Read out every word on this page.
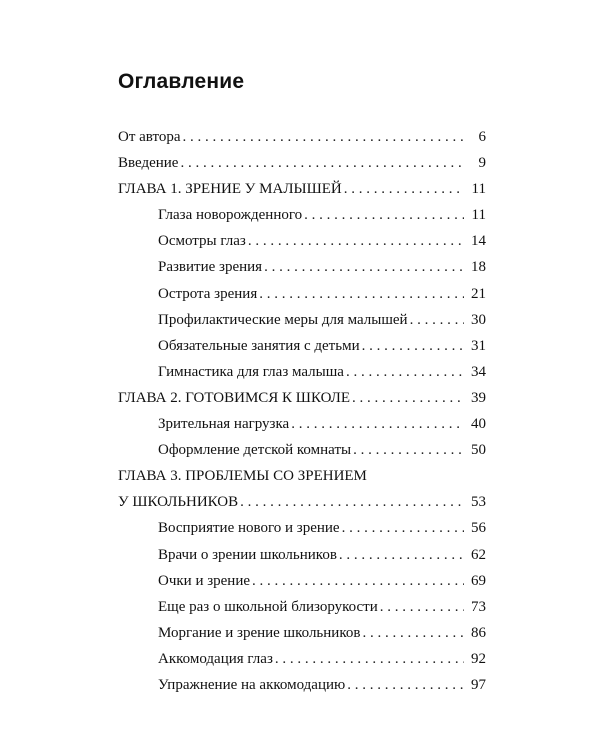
Оглавление
От автора . . .	6
Введение . . .	9
ГЛАВА 1. ЗРЕНИЕ У МАЛЫШЕЙ . . .	11
Глаза новорожденного . . .	11
Осмотры глаз . . .	14
Развитие зрения . . .	18
Острота зрения . . .	21
Профилактические меры для малышей . . .	30
Обязательные занятия с детьми . . .	31
Гимнастика для глаз малыша . . .	34
ГЛАВА 2. ГОТОВИМСЯ К ШКОЛЕ . . .	39
Зрительная нагрузка . . .	40
Оформление детской комнаты . . .	50
ГЛАВА 3. ПРОБЛЕМЫ СО ЗРЕНИЕМ
У ШКОЛЬНИКОВ . . .	53
Восприятие нового и зрение . . .	56
Врачи о зрении школьников . . .	62
Очки и зрение . . .	69
Еще раз о школьной близорукости . . .	73
Моргание и зрение школьников . . .	86
Аккомодация глаз . . .	92
Упражнение на аккомодацию . . .	97
